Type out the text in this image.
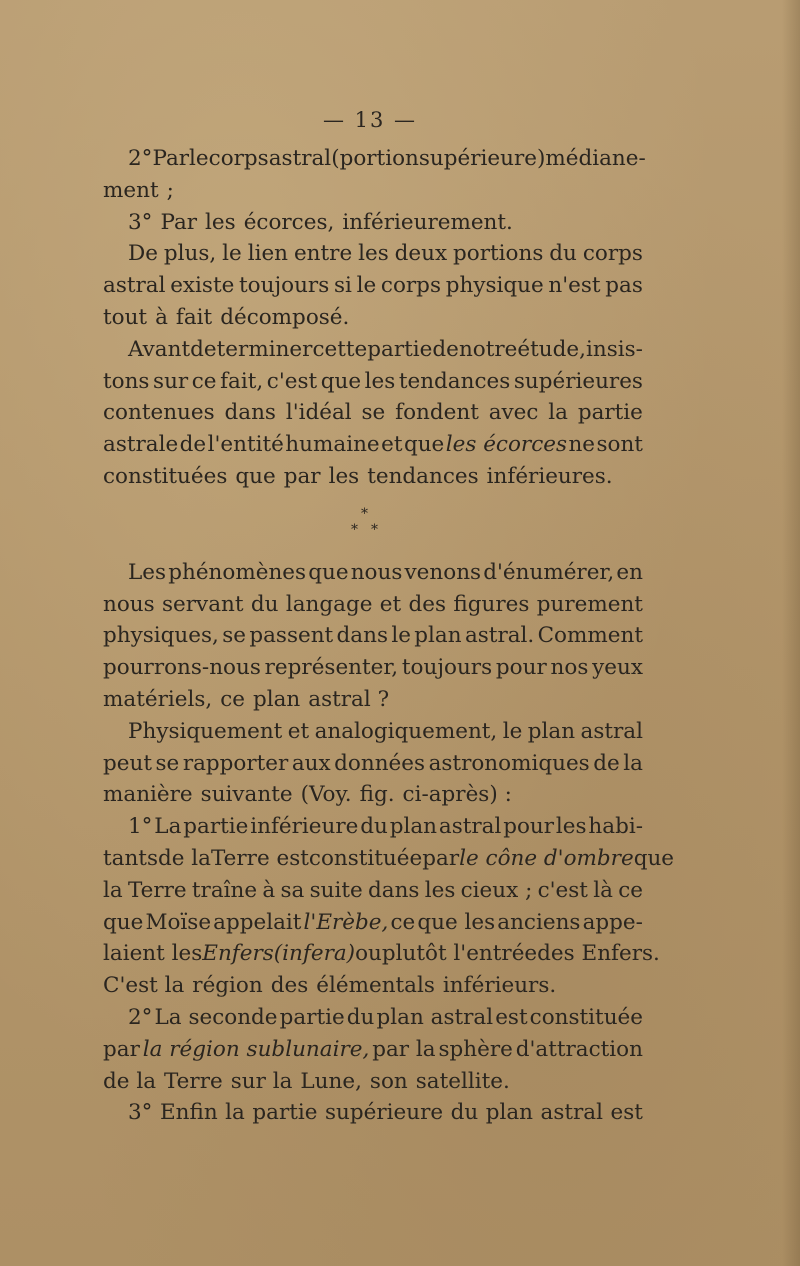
— 13 —
2° Par le corps astral (portion supérieure) médiane-
ment ;
3° Par les écorces, inférieurement.
De plus, le lien entre les deux portions du corps
astral existe toujours si le corps physique n'est pas
tout à fait décomposé.
Avant de terminer cette partie de notre étude, insis-
tons sur ce fait, c'est que les tendances supérieures
contenues dans l'idéal se fondent avec la partie
astrale de l'entité humaine et que les écorces ne sont
constituées que par les tendances inférieures.
*
* *
Les phénomènes que nous venons d'énumérer, en
nous servant du langage et des figures purement
physiques, se passent dans le plan astral. Comment
pourrons-nous représenter, toujours pour nos yeux
matériels, ce plan astral ?
Physiquement et analogiquement, le plan astral
peut se rapporter aux données astronomiques de la
manière suivante (Voy. fig. ci-après) :
1° La partie inférieure du plan astral pour les habi-
tants de la Terre est constituée par le cône d'ombre que
la Terre traîne à sa suite dans les cieux ; c'est là ce
que Moïse appelait l'Erèbe, ce que les anciens appe-
laient les Enfers (infera) ou plutôt l'entrée des Enfers.
C'est la région des élémentals inférieurs.
2° La seconde partie du plan astral est constituée
par la région sublunaire, par la sphère d'attraction
de la Terre sur la Lune, son satellite.
3° Enfin la partie supérieure du plan astral est
